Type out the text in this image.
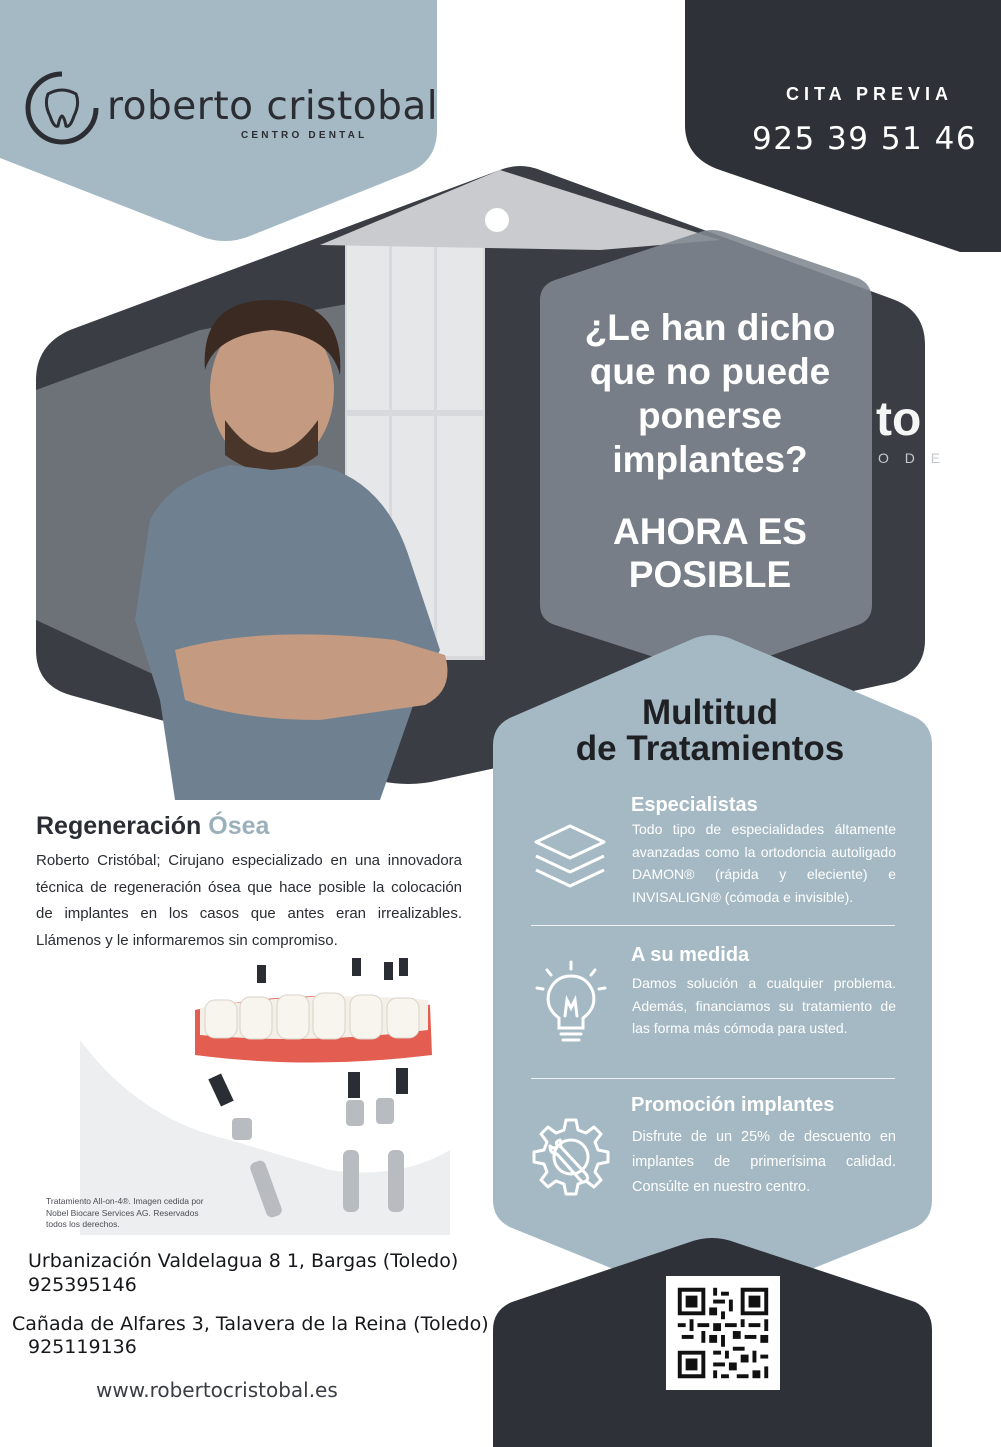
roberto cristobal
CENTRO DENTAL
CITA PREVIA
925 39 51 46
to
O D E
¿Le han dicho que no puede ponerse implantes?
AHORA ES POSIBLE
Multitud
de Tratamientos
Especialistas
Todo tipo de especialidades áltamente avanzadas como la ortodoncia autoligado DAMON® (rápida y eleciente) e INVISALIGN® (cómoda e invisible).
A su medida
Damos solución a cualquier problema. Además, financiamos su tratamiento de las forma más cómoda para usted.
Promoción implantes
Disfrute de un 25% de descuento en implantes de primerísima calidad. Consúlte en nuestro centro.
Regeneración Ósea
Roberto Cristóbal; Cirujano especializado en una innovadora técnica de regeneración ósea que hace posible la colocación de implantes en los casos que antes eran irrealizables. Llámenos y le informaremos sin compromiso.
Tratamiento All-on-4®. Imagen cedida por Nobel Biocare Services AG. Reservados todos los derechos.
Urbanización Valdelagua 8 1, Bargas (Toledo)
925395146
Cañada de Alfares 3, Talavera de la Reina (Toledo)
925119136
www.robertocristobal.es
